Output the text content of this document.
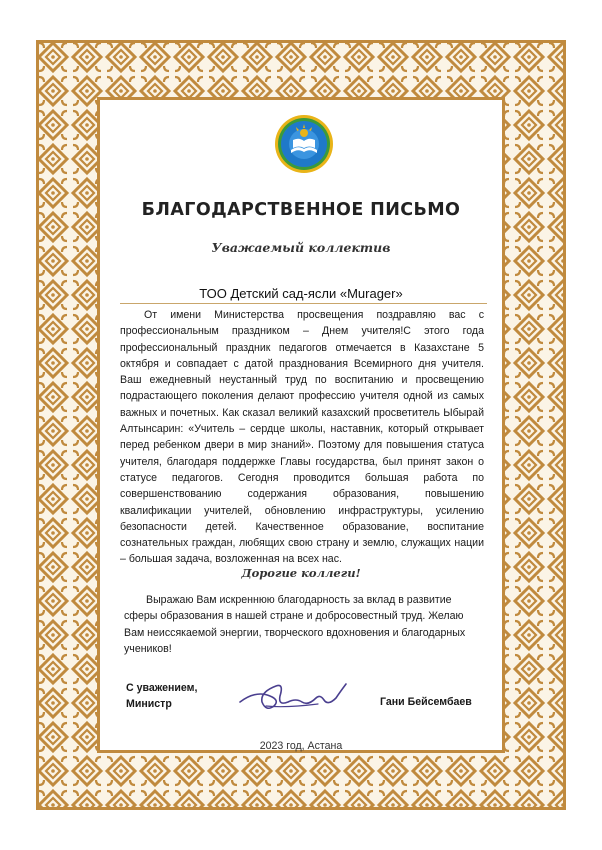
БЛАГОДАРСТВЕННОЕ ПИСЬМО
Уважаемый коллектив
ТОО Детский сад-ясли «Murager»

От имени Министерства просвещения поздравляю вас с профессиональным праздником – Днем учителя!С этого года профессиональный праздник педагогов отмечается в Казахстане 5 октября и совпадает с датой празднования Всемирного дня учителя. Ваш ежедневный неустанный труд по воспитанию и просвещению подрастающего поколения делают профессию учителя одной из самых важных и почетных. Как сказал великий казахский просветитель Ыбырай Алтынсарин: «Учитель – сердце школы, наставник, который открывает перед ребенком двери в мир знаний». Поэтому для повышения статуса учителя, благодаря поддержке Главы государства, был принят закон о статусе педагогов. Сегодня проводится большая работа по совершенствованию содержания образования, повышению квалификации учителей, обновлению инфраструктуры, усилению безопасности детей. Качественное образование, воспитание сознательных граждан, любящих свою страну и землю, служащих нации – большая задача, возложенная на всех нас.

Дорогие коллеги!

Выражаю Вам искреннюю благодарность за вклад в развитие сферы образования в нашей стране и добросовестный труд. Желаю Вам неиссякаемой энергии, творческого вдохновения и благодарных учеников!

С уважением,
Министр	Гани Бейсембаев
2023 год, Астана
